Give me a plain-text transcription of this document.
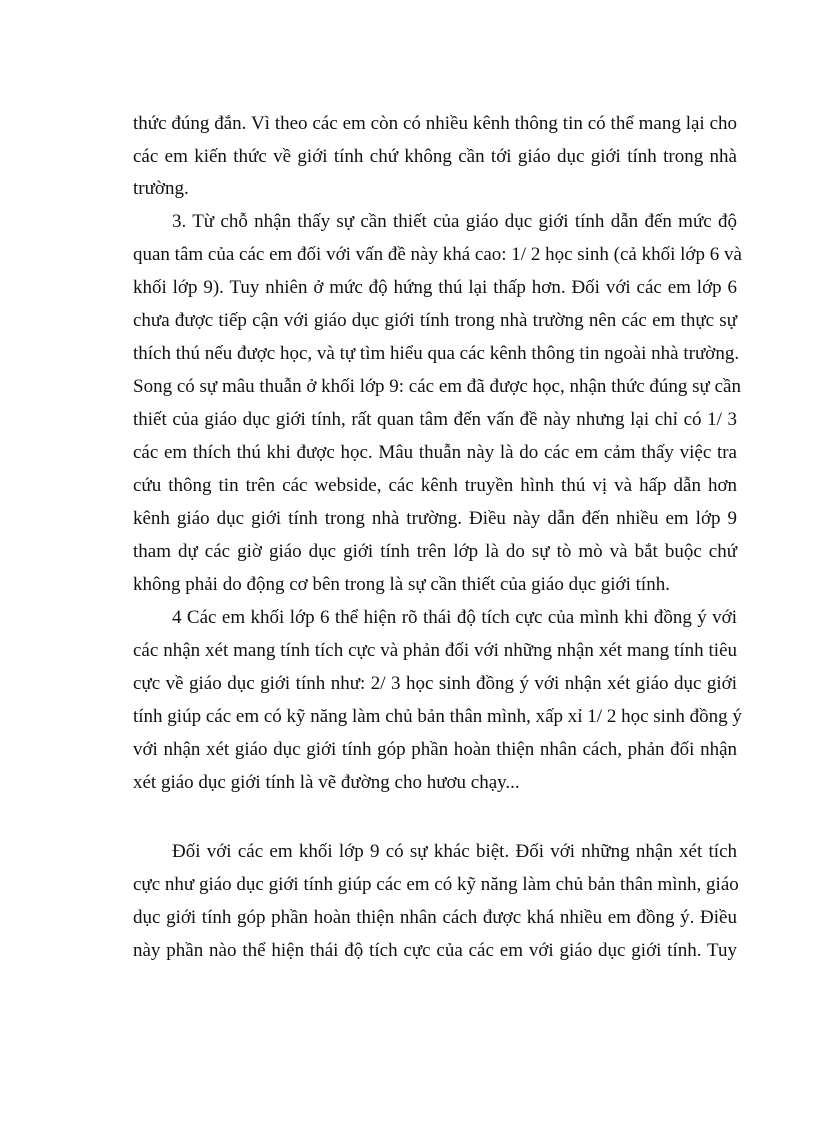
thức đúng đắn. Vì theo các em còn có nhiều kênh thông tin có thể mang lại cho
các em kiến thức về giới tính chứ không cần tới giáo dục giới tính trong nhà
trường.
3. Từ chỗ nhận thấy sự cần thiết của giáo dục giới tính dẫn đến mức độ
quan tâm của các em đối với vấn đề này khá cao: 1/ 2 học sinh (cả khối lớp 6 và
khối lớp 9). Tuy nhiên ở mức độ hứng thú lại thấp hơn. Đối với các em lớp 6
chưa được tiếp cận với giáo dục giới tính trong nhà trường nên các em thực sự
thích thú nếu được học, và tự tìm hiểu qua các kênh thông tin ngoài nhà trường.
Song có sự mâu thuẫn ở khối lớp 9: các em đã được học, nhận thức đúng sự cần
thiết của giáo dục giới tính, rất quan tâm đến vấn đề này nhưng lại chỉ có 1/ 3
các em thích thú khi được học. Mâu thuẫn này là do các em cảm thấy việc tra
cứu thông tin trên các webside, các kênh truyền hình thú vị và hấp dẫn hơn
kênh giáo dục giới tính trong nhà trường. Điều này dẫn đến nhiều em lớp 9
tham dự các giờ giáo dục giới tính trên lớp là do sự tò mò và bắt buộc chứ
không phải do động cơ bên trong là sự cần thiết của giáo dục giới tính.
4 Các em khối lớp 6 thể hiện rõ thái độ tích cực của mình khi đồng ý với
các nhận xét mang tính tích cực và phản đối với những nhận xét mang tính tiêu
cực về giáo dục giới tính như: 2/ 3 học sinh đồng ý với nhận xét giáo dục giới
tính giúp các em có kỹ năng làm chủ bản thân mình, xấp xỉ 1/ 2 học sinh đồng ý
với nhận xét giáo dục giới tính góp phần hoàn thiện nhân cách, phản đối nhận
xét giáo dục giới tính là vẽ đường cho hươu chạy...
Đối với các em khối lớp 9 có sự khác biệt. Đối với những nhận xét tích
cực như giáo dục giới tính giúp các em có kỹ năng làm chủ bản thân mình, giáo
dục giới tính góp phần hoàn thiện nhân cách được khá nhiều em đồng ý. Điều
này phần nào thể hiện thái độ tích cực của các em với giáo dục giới tính. Tuy
